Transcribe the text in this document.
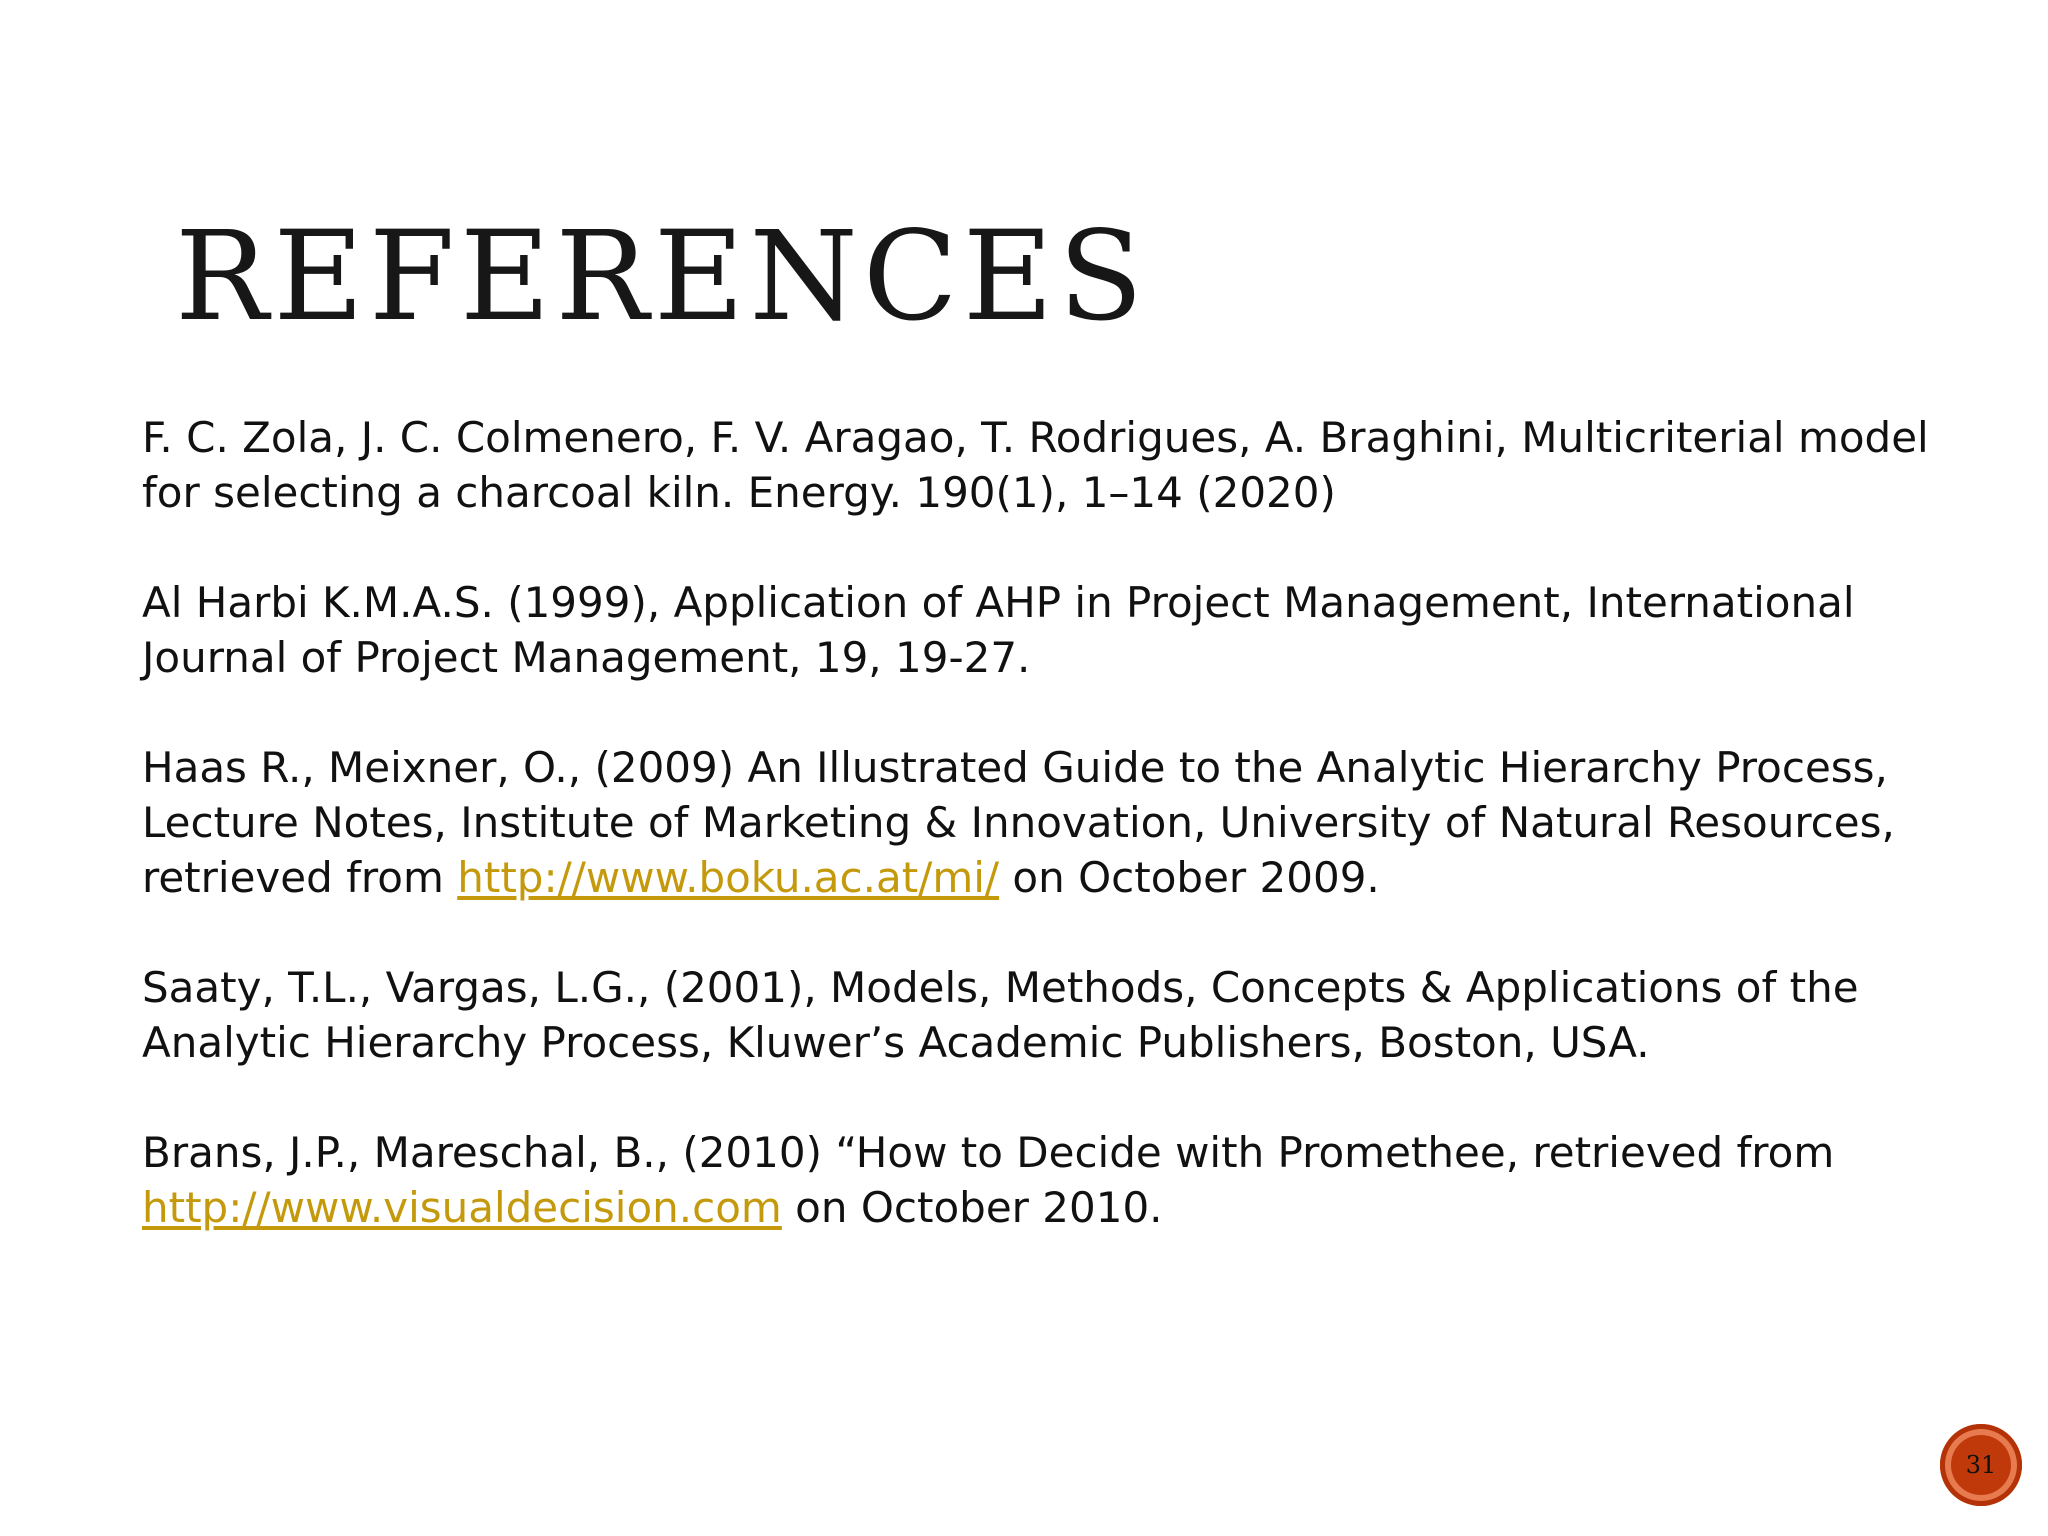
REFERENCES

F. C. Zola, J. C. Colmenero, F. V. Aragao, T. Rodrigues, A. Braghini, Multicriterial model for selecting a charcoal kiln. Energy. 190(1), 1–14 (2020)

Al Harbi K.M.A.S. (1999), Application of AHP in Project Management, International Journal of Project Management, 19, 19-27.

Haas R., Meixner, O., (2009) An Illustrated Guide to the Analytic Hierarchy Process, Lecture Notes, Institute of Marketing & Innovation, University of Natural Resources, retrieved from http://www.boku.ac.at/mi/ on October 2009.

Saaty, T.L., Vargas, L.G., (2001), Models, Methods, Concepts & Applications of the Analytic Hierarchy Process, Kluwer’s Academic Publishers, Boston, USA.

Brans, J.P., Mareschal, B., (2010) “How to Decide with Promethee, retrieved from http://www.visualdecision.com on October 2010.

31
